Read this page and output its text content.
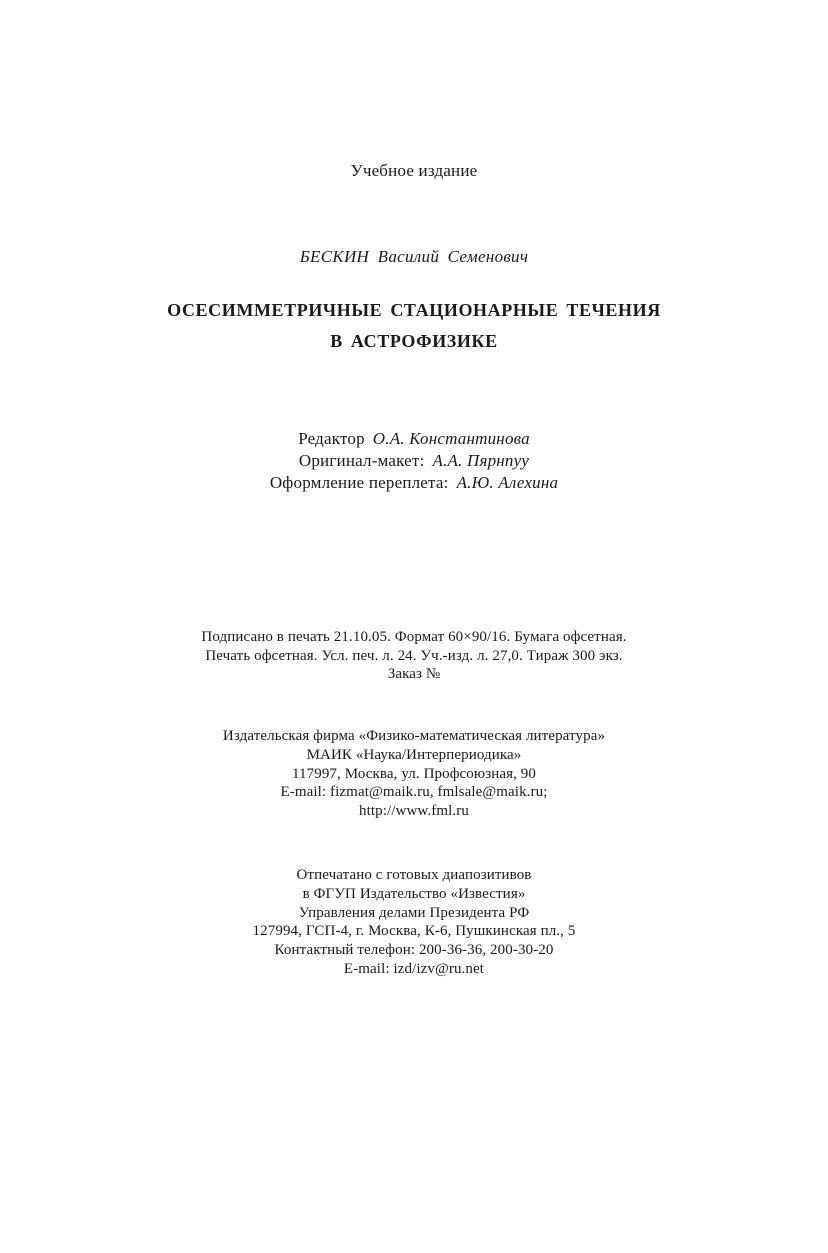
Учебное издание
БЕСКИН Василий Семенович
ОСЕСИММЕТРИЧНЫЕ СТАЦИОНАРНЫЕ ТЕЧЕНИЯ
В АСТРОФИЗИКЕ
Редактор О.А. Константинова
Оригинал-макет: А.А. Пярнпуу
Оформление переплета: А.Ю. Алехина
Подписано в печать 21.10.05. Формат 60×90/16. Бумага офсетная.
Печать офсетная. Усл. печ. л. 24. Уч.-изд. л. 27,0. Тираж 300 экз.
Заказ №
Издательская фирма «Физико-математическая литература»
МАИК «Наука/Интерпериодика»
117997, Москва, ул. Профсоюзная, 90
E-mail: fizmat@maik.ru, fmlsale@maik.ru;
http://www.fml.ru
Отпечатано с готовых диапозитивов
в ФГУП Издательство «Известия»
Управления делами Президента РФ
127994, ГСП-4, г. Москва, К-6, Пушкинская пл., 5
Контактный телефон: 200-36-36, 200-30-20
E-mail: izd/izv@ru.net
